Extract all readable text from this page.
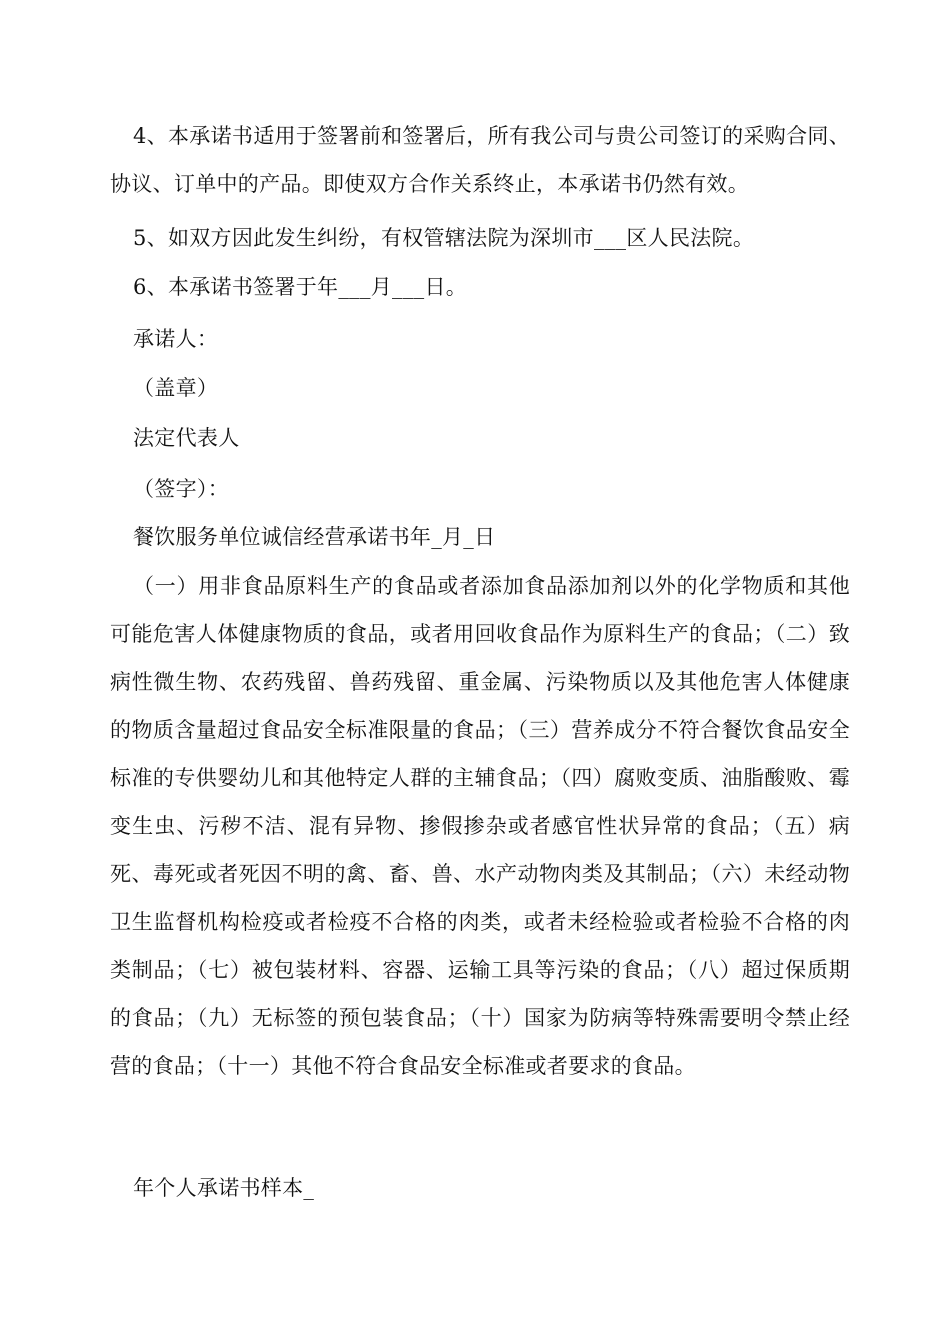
4、本承诺书适用于签署前和签署后，所有我公司与贵公司签订的采购合同、协议、订单中的产品。即使双方合作关系终止，本承诺书仍然有效。

5、如双方因此发生纠纷，有权管辖法院为深圳市___区人民法院。

6、本承诺书签署于年___月___日。

承诺人：

（盖章）

法定代表人

（签字）：

餐饮服务单位诚信经营承诺书年_月_日

（一）用非食品原料生产的食品或者添加食品添加剂以外的化学物质和其他可能危害人体健康物质的食品，或者用回收食品作为原料生产的食品；（二）致病性微生物、农药残留、兽药残留、重金属、污染物质以及其他危害人体健康的物质含量超过食品安全标准限量的食品；（三）营养成分不符合餐饮食品安全标准的专供婴幼儿和其他特定人群的主辅食品；（四）腐败变质、油脂酸败、霉变生虫、污秽不洁、混有异物、掺假掺杂或者感官性状异常的食品；（五）病死、毒死或者死因不明的禽、畜、兽、水产动物肉类及其制品；（六）未经动物卫生监督机构检疫或者检疫不合格的肉类，或者未经检验或者检验不合格的肉类制品；（七）被包装材料、容器、运输工具等污染的食品；（八）超过保质期的食品；（九）无标签的预包装食品；（十）国家为防病等特殊需要明令禁止经营的食品；（十一）其他不符合食品安全标准或者要求的食品。

年个人承诺书样本_
